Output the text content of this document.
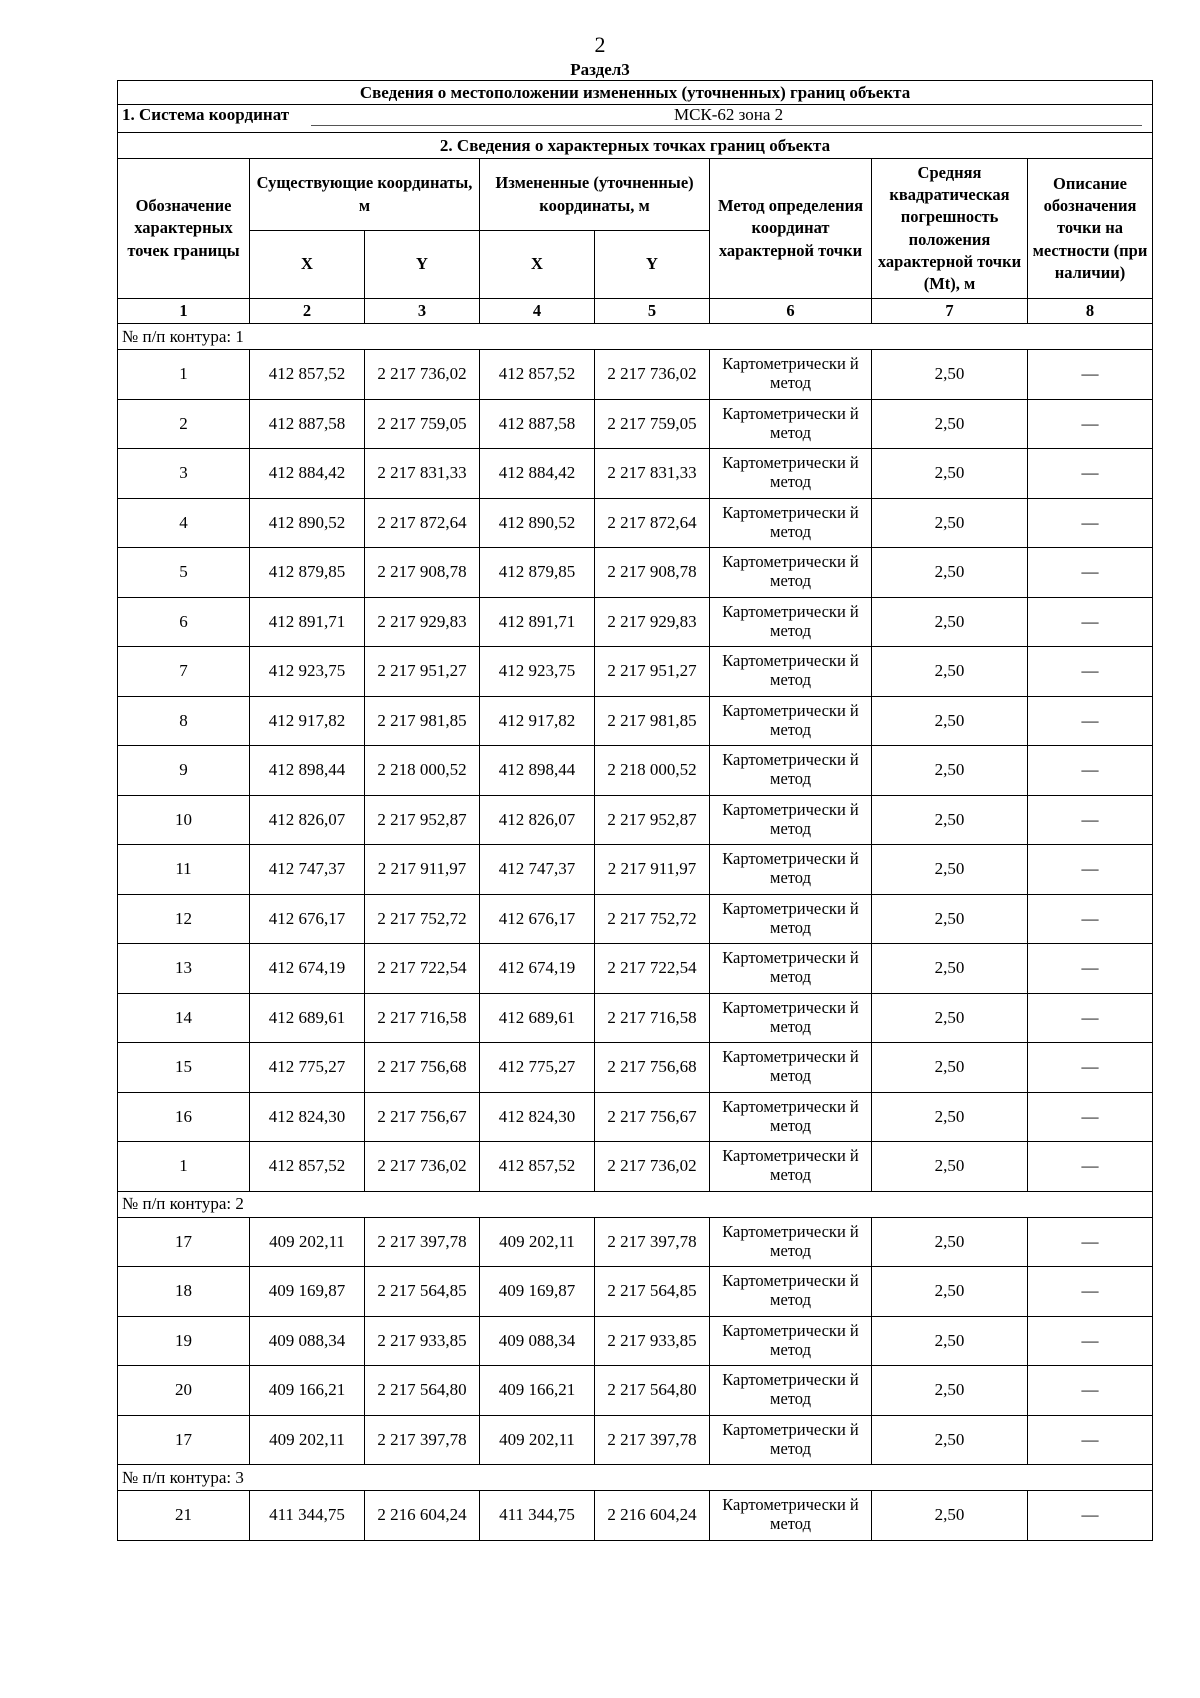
2
Раздел3
Сведения о местоположении измененных (уточненных) границ объекта							

1. Система координат МСК-62 зона 2							

2. Сведения о характерных точках границ объекта							
Обозначение характерных точек границы	Существующие координаты, м		Измененные (уточненные) координаты, м		Метод определения координат характерной точки	Средняя квадратическая погрешность положения характерной точки (Mt), м	Описание обозначения точки на местности (при наличии)
	X	Y	X	Y			
1	2	3	4	5	6	7	8
№ п/п контура: 1							
1	412 857,52	2 217 736,02	412 857,52	2 217 736,02	Картометрически й метод	2,50	—
2	412 887,58	2 217 759,05	412 887,58	2 217 759,05	Картометрически й метод	2,50	—
3	412 884,42	2 217 831,33	412 884,42	2 217 831,33	Картометрически й метод	2,50	—
4	412 890,52	2 217 872,64	412 890,52	2 217 872,64	Картометрически й метод	2,50	—
5	412 879,85	2 217 908,78	412 879,85	2 217 908,78	Картометрически й метод	2,50	—
6	412 891,71	2 217 929,83	412 891,71	2 217 929,83	Картометрически й метод	2,50	—
7	412 923,75	2 217 951,27	412 923,75	2 217 951,27	Картометрически й метод	2,50	—
8	412 917,82	2 217 981,85	412 917,82	2 217 981,85	Картометрически й метод	2,50	—
9	412 898,44	2 218 000,52	412 898,44	2 218 000,52	Картометрически й метод	2,50	—
10	412 826,07	2 217 952,87	412 826,07	2 217 952,87	Картометрически й метод	2,50	—
11	412 747,37	2 217 911,97	412 747,37	2 217 911,97	Картометрически й метод	2,50	—
12	412 676,17	2 217 752,72	412 676,17	2 217 752,72	Картометрически й метод	2,50	—
13	412 674,19	2 217 722,54	412 674,19	2 217 722,54	Картометрически й метод	2,50	—
14	412 689,61	2 217 716,58	412 689,61	2 217 716,58	Картометрически й метод	2,50	—
15	412 775,27	2 217 756,68	412 775,27	2 217 756,68	Картометрически й метод	2,50	—
16	412 824,30	2 217 756,67	412 824,30	2 217 756,67	Картометрически й метод	2,50	—
1	412 857,52	2 217 736,02	412 857,52	2 217 736,02	Картометрически й метод	2,50	—
№ п/п контура: 2							
17	409 202,11	2 217 397,78	409 202,11	2 217 397,78	Картометрически й метод	2,50	—
18	409 169,87	2 217 564,85	409 169,87	2 217 564,85	Картометрически й метод	2,50	—
19	409 088,34	2 217 933,85	409 088,34	2 217 933,85	Картометрически й метод	2,50	—
20	409 166,21	2 217 564,80	409 166,21	2 217 564,80	Картометрически й метод	2,50	—
17	409 202,11	2 217 397,78	409 202,11	2 217 397,78	Картометрически й метод	2,50	—
№ п/п контура: 3							
21	411 344,75	2 216 604,24	411 344,75	2 216 604,24	Картометрически й метод	2,50	—
